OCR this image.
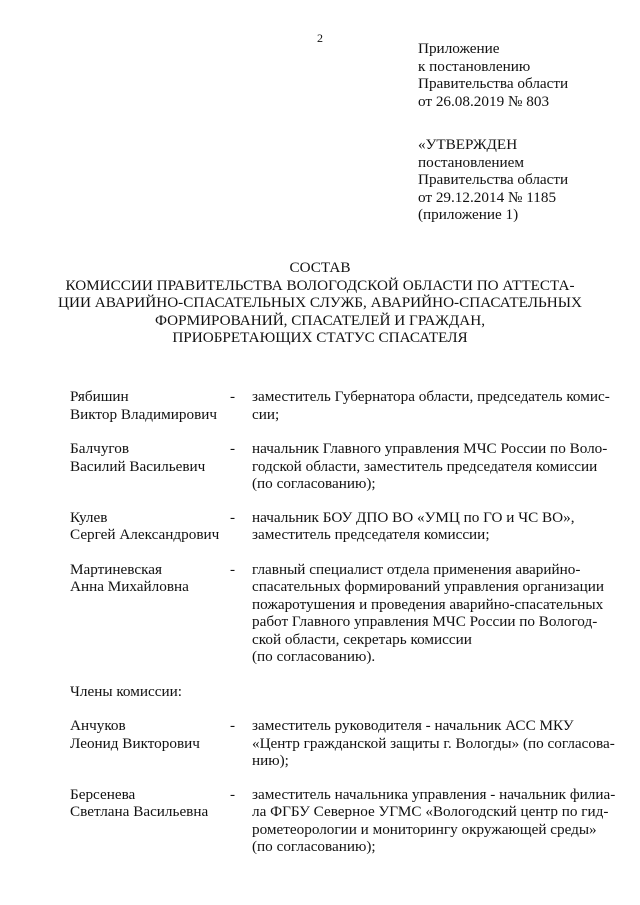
2
Приложение
к постановлению
Правительства области
от 26.08.2019 № 803
«УТВЕРЖДЕН
постановлением
Правительства области
от 29.12.2014 № 1185
(приложение 1)
СОСТАВ
КОМИССИИ ПРАВИТЕЛЬСТВА ВОЛОГОДСКОЙ ОБЛАСТИ ПО АТТЕСТА-
ЦИИ АВАРИЙНО-СПАСАТЕЛЬНЫХ СЛУЖБ, АВАРИЙНО-СПАСАТЕЛЬНЫХ
ФОРМИРОВАНИЙ, СПАСАТЕЛЕЙ И ГРАЖДАН,
ПРИОБРЕТАЮЩИХ СТАТУС СПАСАТЕЛЯ
Рябишин
Виктор Владимирович
-	заместитель Губернатора области, председатель комис-
сии;
Балчугов
Василий Васильевич
-	начальник Главного управления МЧС России по Воло-
годской области, заместитель председателя комиссии
(по согласованию);
Кулев
Сергей Александрович
-	начальник БОУ ДПО ВО «УМЦ по ГО и ЧС ВО»,
заместитель председателя комиссии;
Мартиневская
Анна Михайловна
-	главный специалист отдела применения аварийно-
спасательных формирований управления организации
пожаротушения и проведения аварийно-спасательных
работ Главного управления МЧС России по Вологод-
ской области, секретарь комиссии
(по согласованию).
Члены комиссии:
Анчуков
Леонид Викторович
-	заместитель руководителя - начальник АСС МКУ
«Центр гражданской защиты г. Вологды» (по согласова-
нию);
Берсенева
Светлана Васильевна
-	заместитель начальника управления - начальник филиа-
ла ФГБУ Северное УГМС «Вологодский центр по гид-
рометеорологии и мониторингу окружающей среды»
(по согласованию);
